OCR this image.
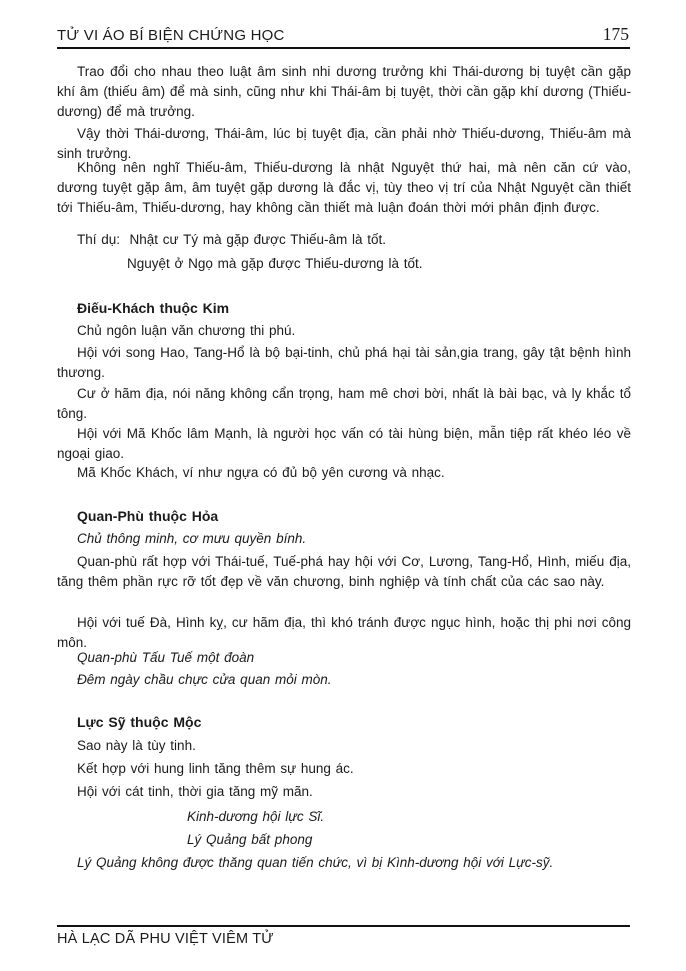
TỬ VI ÁO BÍ BIỆN CHỨNG HỌC	175

Trao đổi cho nhau theo luật âm sinh nhi dương trưởng khi Thái-dương bị tuyệt cần gặp khí âm (thiếu âm) để mà sinh, cũng như khi Thái-âm bị tuyệt, thời cần gặp khí dương (Thiếu-dương) để mà trưởng.

Vậy thời Thái-dương, Thái-âm, lúc bị tuyệt địa, cần phải nhờ Thiếu-dương, Thiếu-âm mà sinh trưởng.

Không nên nghĩ Thiếu-âm, Thiếu-dương là nhật Nguyệt thứ hai, mà nên căn cứ vào, dương tuyệt gặp âm, âm tuyệt gặp dương là đắc vị, tùy theo vị trí của Nhật Nguyệt cần thiết tới Thiếu-âm, Thiếu-dương, hay không cần thiết mà luận đoán thời mới phân định được.

Thí dụ:  Nhật cư Tý mà gặp được Thiếu-âm là tốt.

Nguyệt ở Ngọ mà gặp được Thiếu-dương là tốt.

Điếu-Khách thuộc Kim

Chủ ngôn luận văn chương thi phú.

Hội với song Hao, Tang-Hổ là bộ bại-tinh, chủ phá hại tài sản,gia trang, gây tật bệnh hình thương.

Cư ở hãm địa, nói năng không cẩn trọng, ham mê chơi bời, nhất là bài bạc, và ly khắc tổ tông.

Hội với Mã Khốc lâm Mạnh, là người học vấn có tài hùng biện, mẫn tiệp rất khéo léo về ngoại giao.

Mã Khốc Khách, ví như ngựa có đủ bộ yên cương và nhạc.

Quan-Phù thuộc Hỏa

Chủ thông minh, cơ mưu quyền bính.

Quan-phù rất hợp với Thái-tuế, Tuế-phá hay hội với Cơ, Lương, Tang-Hổ, Hình, miếu địa, tăng thêm phần rực rỡ tốt đẹp về văn chương, binh nghiệp và tính chất của các sao này.

Hội với tuế Đà, Hình kỵ, cư hãm địa, thì khó tránh được ngục hình, hoặc thị phi nơi công môn.

Quan-phù Tấu Tuế một đoàn

Đêm ngày chầu chực cửa quan mỏi mòn.

Lực Sỹ thuộc Mộc

Sao này là tùy tinh.

Kết hợp với hung linh tăng thêm sự hung ác.

Hội với cát tinh, thời gia tăng mỹ mãn.

Kinh-dương hội lực Sĩ.

Lý Quảng bất phong

Lý Quảng không được thăng quan tiến chức, vì bị Kình-dương hội với Lực-sỹ.

HÀ LẠC DÃ PHU VIỆT VIÊM TỬ
